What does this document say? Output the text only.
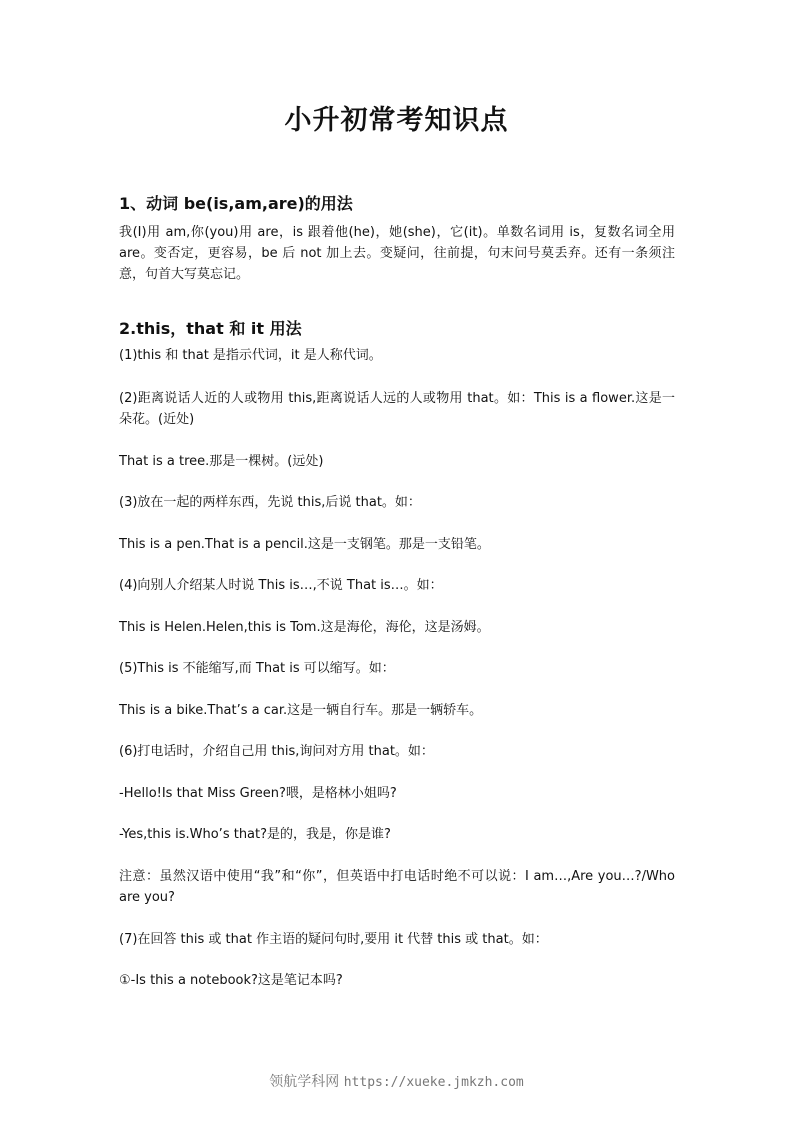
小升初常考知识点
1、动词 be(is,am,are)的用法

我(I)用 am,你(you)用 are，is 跟着他(he)，她(she)，它(it)。单数名词用 is，复数名词全用 are。变否定，更容易，be 后 not 加上去。变疑问，往前提，句末问号莫丢弃。还有一条须注意，句首大写莫忘记。

2.this，that 和 it 用法

(1)this 和 that 是指示代词，it 是人称代词。

(2)距离说话人近的人或物用 this,距离说话人远的人或物用 that。如：This is a flower.这是一朵花。(近处)

That is a tree.那是一棵树。(远处)

(3)放在一起的两样东西，先说 this,后说 that。如：

This is a pen.That is a pencil.这是一支钢笔。那是一支铅笔。

(4)向别人介绍某人时说 This is…,不说 That is…。如：

This is Helen.Helen,this is Tom.这是海伦，海伦，这是汤姆。

(5)This is 不能缩写,而 That is 可以缩写。如：

This is a bike.That’s a car.这是一辆自行车。那是一辆轿车。

(6)打电话时，介绍自己用 this,询问对方用 that。如：

-Hello!Is that Miss Green?喂，是格林小姐吗?

-Yes,this is.Who’s that?是的，我是，你是谁?

注意：虽然汉语中使用“我”和“你”，但英语中打电话时绝不可以说：I am…,Are you…?/Who are you?

(7)在回答 this 或 that 作主语的疑问句时,要用 it 代替 this 或 that。如：

①-Is this a notebook?这是笔记本吗?

领航学科网 https://xueke.jmkzh.com
